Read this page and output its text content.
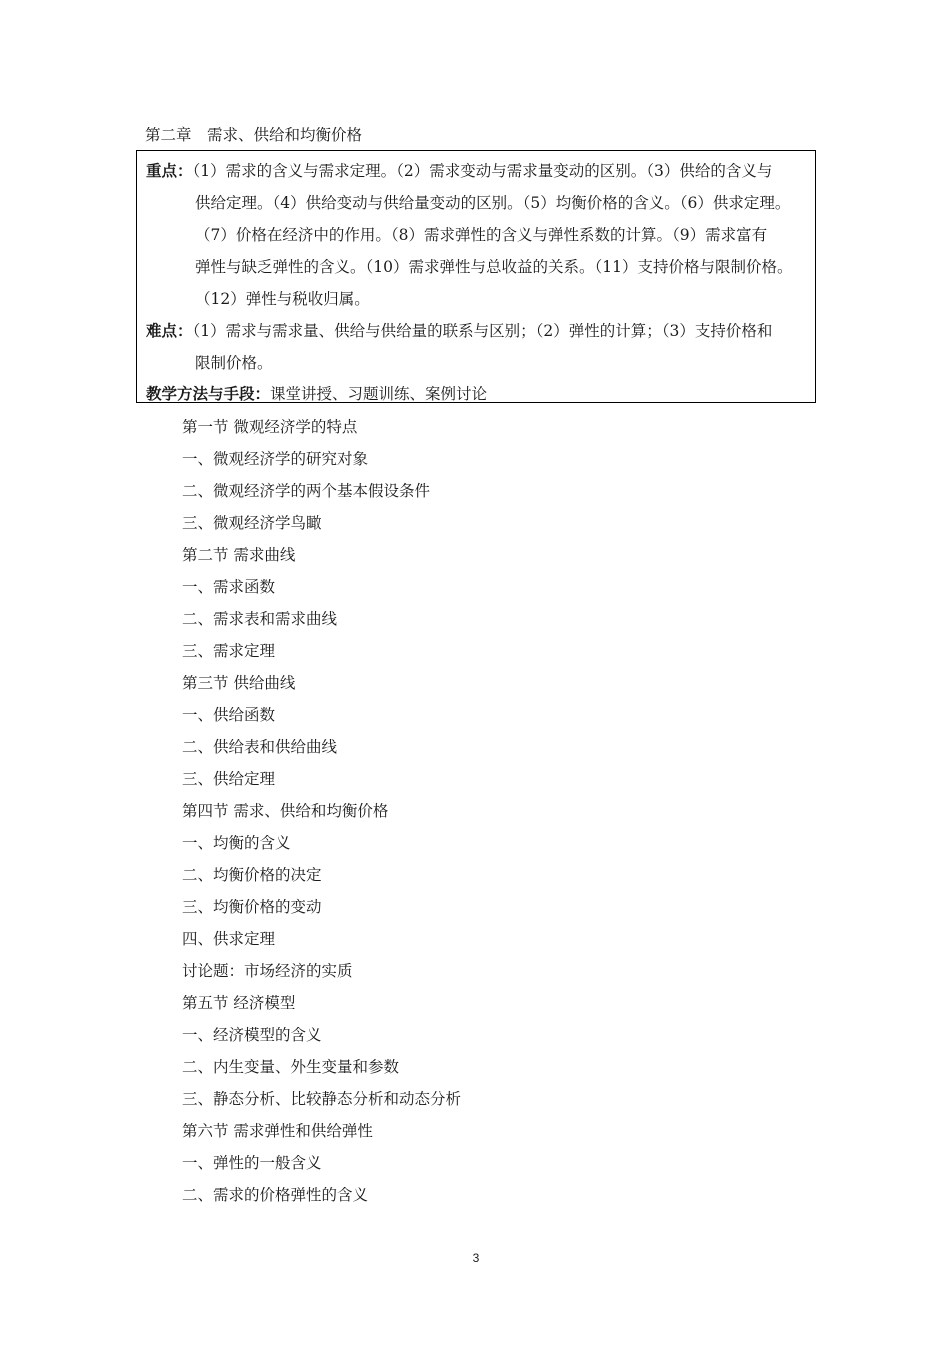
第二章　需求、供给和均衡价格
重点：（1）需求的含义与需求定理。（2）需求变动与需求量变动的区别。（3）供给的含义与
供给定理。（4）供给变动与供给量变动的区别。（5）均衡价格的含义。（6）供求定理。
（7）价格在经济中的作用。（8）需求弹性的含义与弹性系数的计算。（9）需求富有
弹性与缺乏弹性的含义。（10）需求弹性与总收益的关系。（11）支持价格与限制价格。
（12）弹性与税收归属。
难点：（1）需求与需求量、供给与供给量的联系与区别；（2）弹性的计算；（3）支持价格和
限制价格。
教学方法与手段：课堂讲授、习题训练、案例讨论
第一节 微观经济学的特点
一、微观经济学的研究对象
二、微观经济学的两个基本假设条件
三、微观经济学鸟瞰
第二节 需求曲线
一、需求函数
二、需求表和需求曲线
三、需求定理
第三节 供给曲线
一、供给函数
二、供给表和供给曲线
三、供给定理
第四节 需求、供给和均衡价格
一、均衡的含义
二、均衡价格的决定
三、均衡价格的变动
四、供求定理
讨论题：市场经济的实质
第五节 经济模型
一、经济模型的含义
二、内生变量、外生变量和参数
三、静态分析、比较静态分析和动态分析
第六节 需求弹性和供给弹性
一、弹性的一般含义
二、需求的价格弹性的含义
3
